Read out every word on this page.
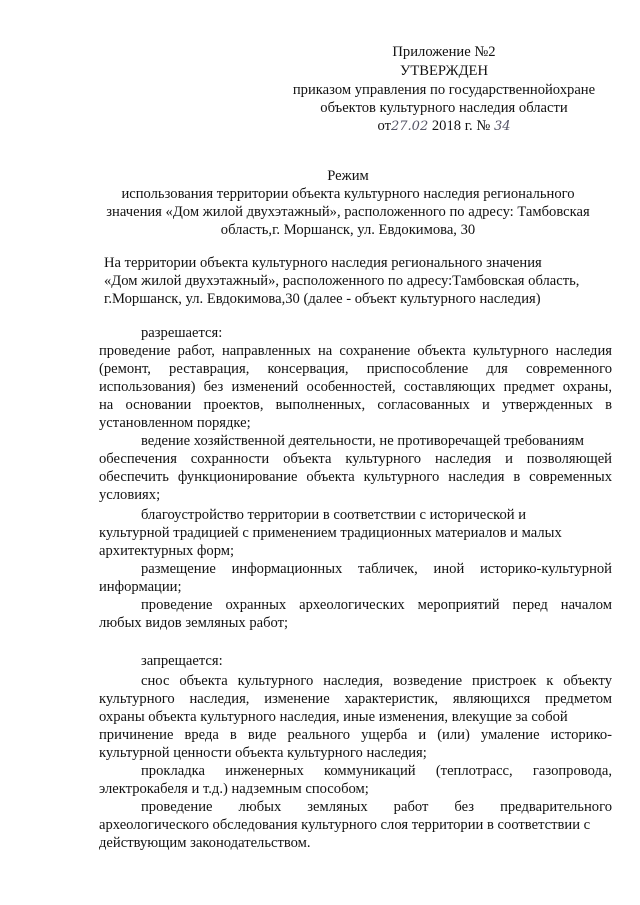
Приложение №2
УТВЕРЖДЕН
приказом управления по государственнойохране
объектов культурного наследия области
от27.02 2018 г. № 34
Режим
использования территории объекта культурного наследия регионального
значения «Дом жилой двухэтажный», расположенного по адресу: Тамбовская
область,г. Моршанск, ул. Евдокимова, 30
На территории объекта культурного наследия регионального значения
«Дом жилой двухэтажный», расположенного по адресу:Тамбовская область,
г.Моршанск, ул. Евдокимова,30 (далее - объект культурного наследия)
разрешается:
проведение работ, направленных на сохранение объекта культурного наследия
(ремонт, реставрация, консервация, приспособление для современного
использования) без изменений особенностей, составляющих предмет охраны,
на основании проектов, выполненных, согласованных и утвержденных в
установленном порядке;
ведение хозяйственной деятельности, не противоречащей требованиям
обеспечения сохранности объекта культурного наследия и позволяющей
обеспечить функционирование объекта культурного наследия в современных
условиях;
благоустройство территории в соответствии с исторической и
культурной традицией с применением традиционных материалов и малых
архитектурных форм;
размещение информационных табличек, иной историко-культурной
информации;
проведение охранных археологических мероприятий перед началом
любых видов земляных работ;
запрещается:
снос объекта культурного наследия, возведение пристроек к объекту
культурного наследия, изменение характеристик, являющихся предметом
охраны объекта культурного наследия, иные изменения, влекущие за собой
причинение вреда в виде реального ущерба и (или) умаление историко-
культурной ценности объекта культурного наследия;
прокладка инженерных коммуникаций (теплотрасс, газопровода,
электрокабеля и т.д.) надземным способом;
проведение любых земляных работ без предварительного
археологического обследования культурного слоя территории в соответствии с
действующим законодательством.
